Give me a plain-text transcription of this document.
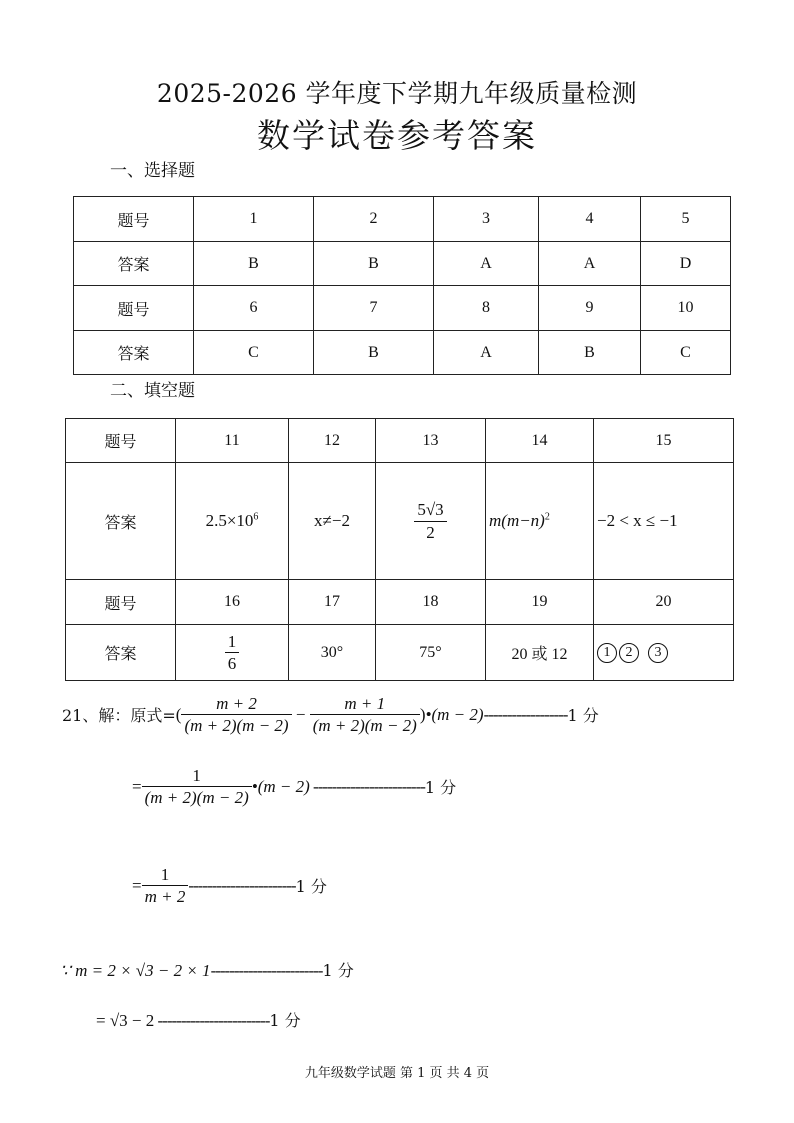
2025-2026 学年度下学期九年级质量检测
数学试卷参考答案
一、选择题
题号	1	2	3	4	5
答案	B	B	A	A	D
题号	6	7	8	9	10
答案	C	B	A	B	C
二、填空题
题号	11	12	13	14	15
答案	$2.5\times 10^6$	x≠−2	$\frac{5√3}{2}$	$m(m-n)^2$	−2 < x ≤ −1
题号	16	17	18	19	20
答案	$\frac{1}{6}$	30°	75°	20 或 12	1 2 3
21、解：原式= ( $\frac{m + 2}{(m + 2)(m - 2)} - \frac{m + 1}{(m + 2)(m - 2)}$ ) •(m − 2) ------------------ 1 分
= $\frac{1}{(m + 2)(m - 2)}$ •(m − 2) ------------------------ 1 分
= $\frac{1}{m + 2}$ ----------------------- 1 分
∵ m = 2 × √3 − 2 × 1------------------------1 分
= √3 − 2 ------------------------1 分
九年级数学试题 第 1 页 共 4 页
